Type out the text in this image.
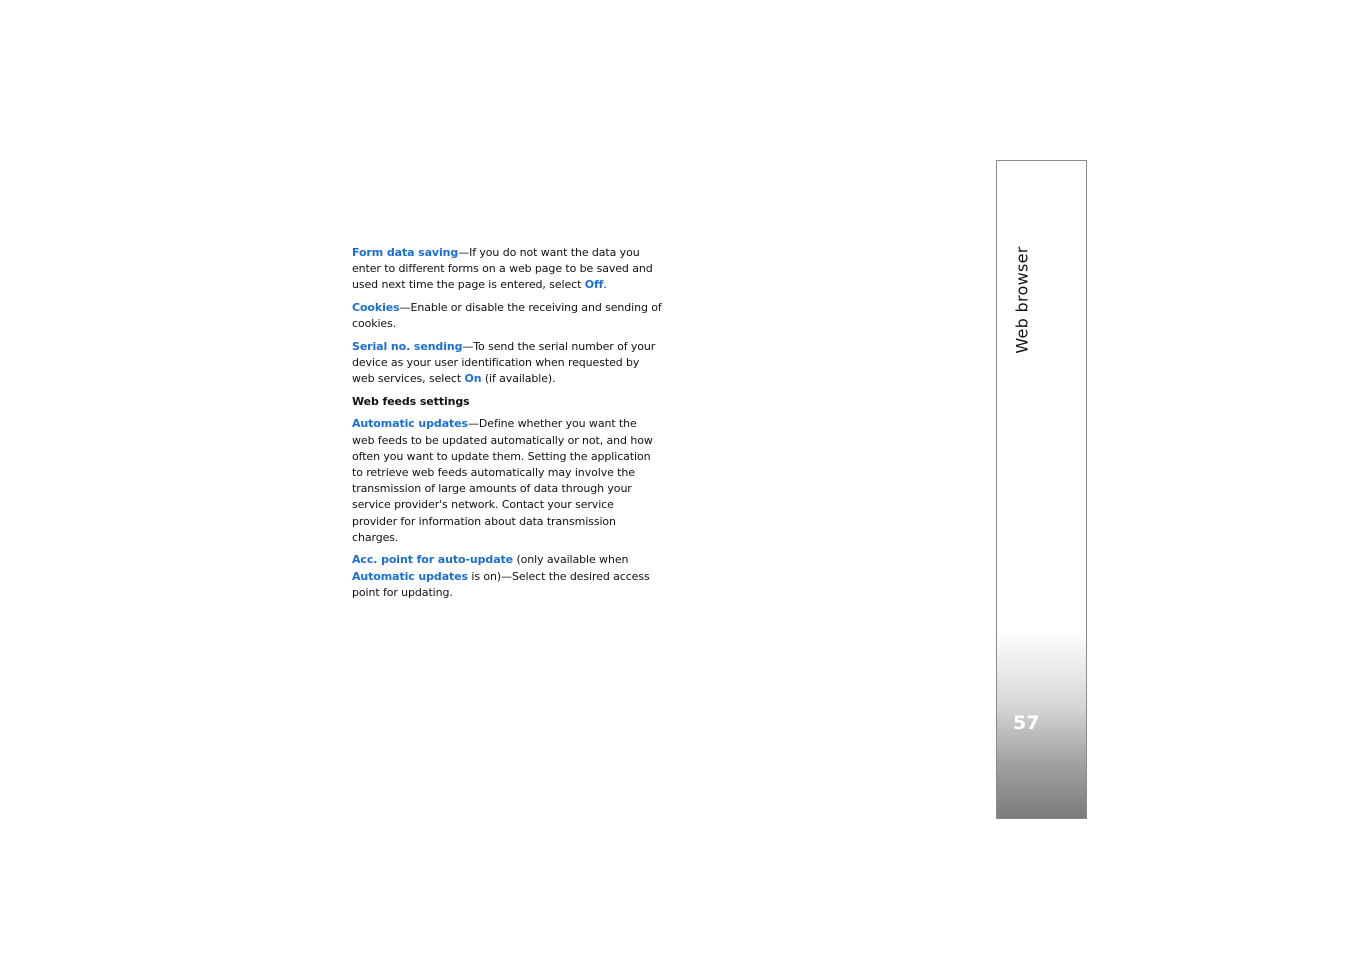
Form data saving—If you do not want the data you enter to different forms on a web page to be saved and used next time the page is entered, select Off.

Cookies—Enable or disable the receiving and sending of cookies.

Serial no. sending—To send the serial number of your device as your user identification when requested by web services, select On (if available).

Web feeds settings

Automatic updates—Define whether you want the web feeds to be updated automatically or not, and how often you want to update them. Setting the application to retrieve web feeds automatically may involve the transmission of large amounts of data through your service provider's network. Contact your service provider for information about data transmission charges.

Acc. point for auto-update (only available when Automatic updates is on)—Select the desired access point for updating.

Web browser
57
